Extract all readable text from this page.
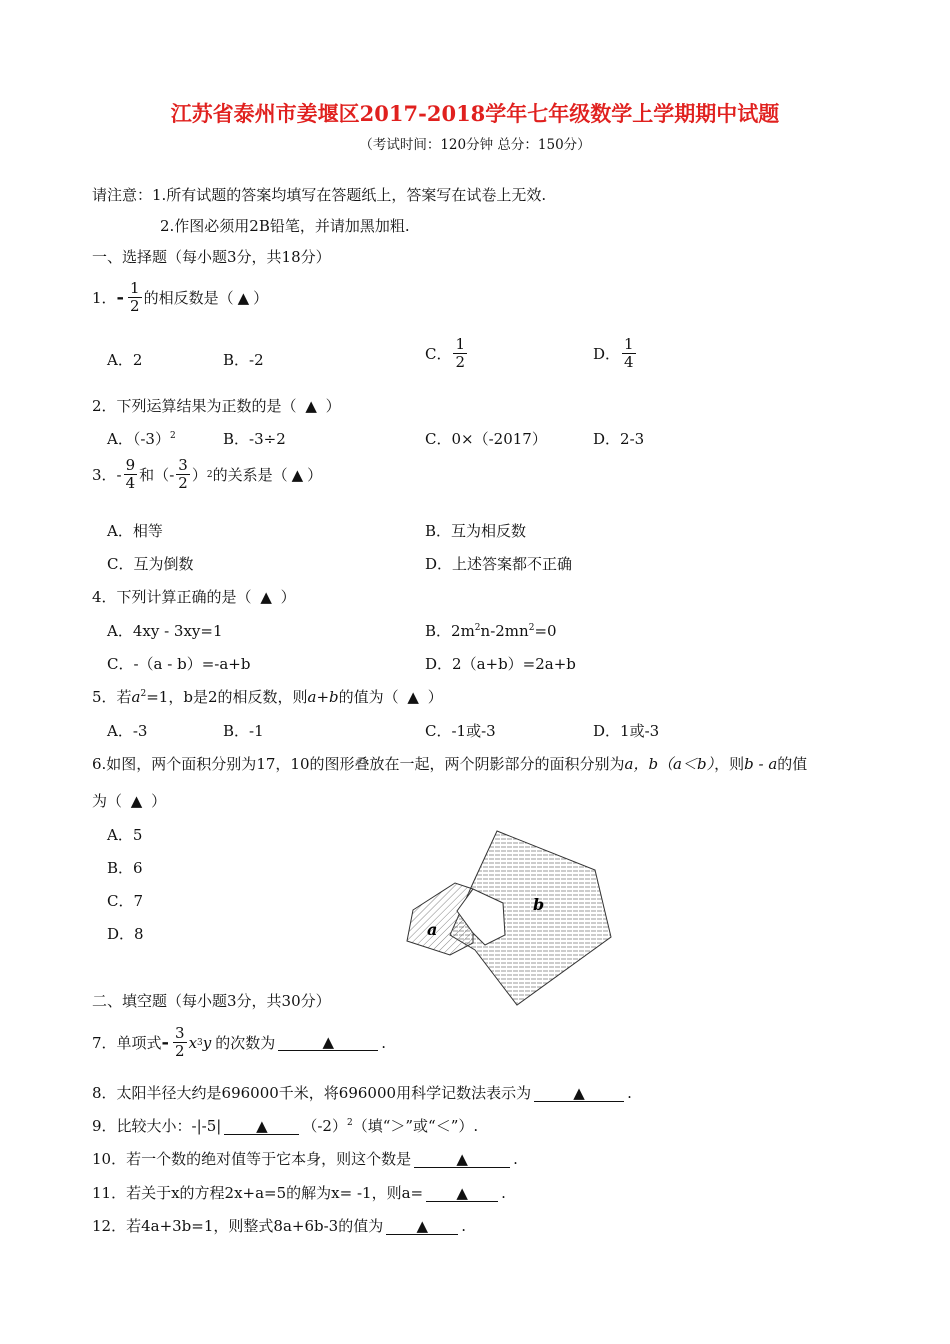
江苏省泰州市姜堰区2017-2018学年七年级数学上学期期中试题
（考试时间：120分钟 总分：150分）
请注意：1.所有试题的答案均填写在答题纸上，答案写在试卷上无效.
2.作图必须用2B铅笔，并请加黑加粗.
一、选择题（每小题3分，共18分）
1． - $\frac{1}{2}$ 的相反数是（ ▲ ）
A．2	B．-2	C． $\frac{1}{2}$	D． $\frac{1}{4}$
2．下列运算结果为正数的是（ ▲ ）
A．$(-3)^2$	B．-3÷2	C．0×（-2017）	D．2-3
3． - $\frac{9}{4}$ 和（ - $\frac{3}{2}$ ） 2 的关系是（ ▲ ）
A．相等	B．互为相反数
C．互为倒数	D．上述答案都不正确
4．下列计算正确的是（ ▲ ）
A．4xy - 3xy=1	B．$2m^2n-2mn^2=0$
C．-（a - b）=-a+b	D．2（a+b）=2a+b
5．若$a^2=1$，b是2的相反数，则a+b的值为（ ▲ ）
A．-3	B．-1	C．-1或-3	D．1或-3
6.如图，两个面积分别为17，10的图形叠放在一起，两个阴影部分的面积分别为a，b（a＜b），则b - a的值
为（ ▲ ）
A．5
B．6
C．7
D．8	a
b
二、填空题（每小题3分，共30分）
7．单项式 - $\frac{3}{2}$ x 3 y 的次数为	▲	.
8．太阳半径大约是696000千米，将696000用科学记数法表示为	▲	.
9．比较大小：-|-5| ▲ $(-2)^2$（填“＞”或“＜”）.
10．若一个数的绝对值等于它本身，则这个数是	▲	.
11．若关于x的方程2x+a=5的解为x= -1，则a= ▲ .
12．若4a+3b=1，则整式8a+6b-3的值为 ▲ .
